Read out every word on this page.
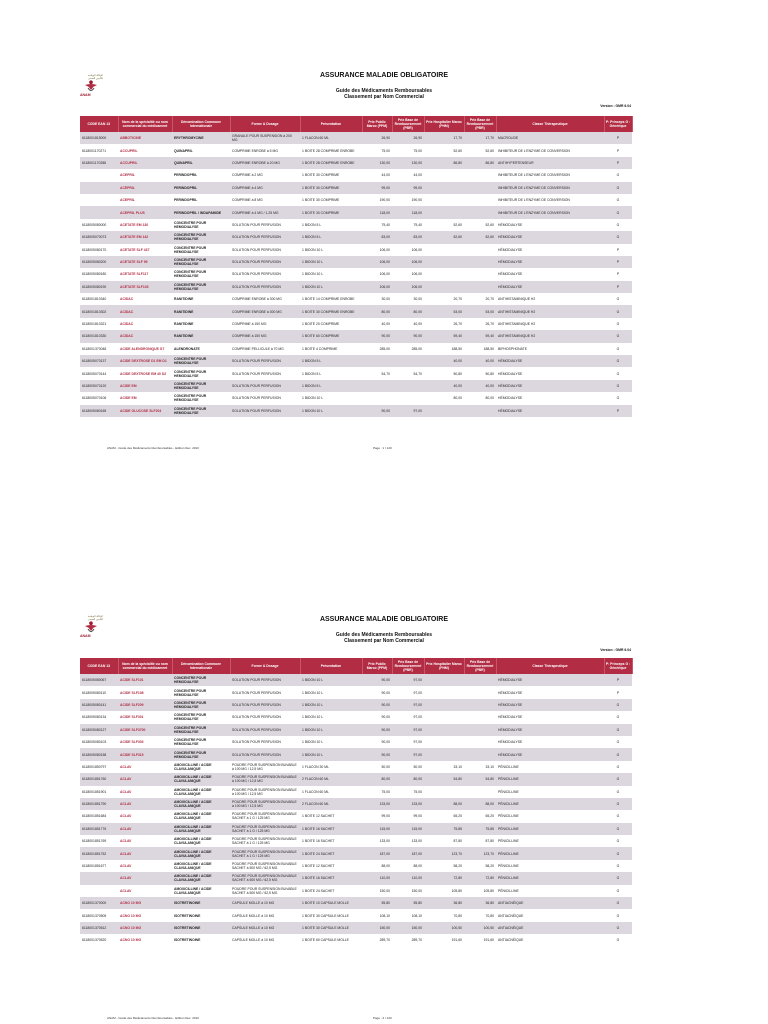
الوكالة الوطنية
للتأمين الصحي
ANAM
ASSURANCE MALADIE OBLIGATOIRE
Guide des Médicaments Remboursables
Classement par Nom Commercial
Version : GMR 6.04
CODE EAN 13	Nom de la spécialité ou nom commercial du médicament	Dénomination Commune Internationale	Forme & Dosage	Présentation	Prix Public Maroc (PPM)	Prix Base de Remboursement (PBR)	Prix Hospitalier Maroc (PHM)	Prix Base de Remboursement (PBR)	Classe Thérapeutique	P: Princeps G : Générique
6118001815000	ABBOTICINE	ERYTHROMYCINE	GRANULE POUR SUSPENSION à 200 MG	1 FLACON 60 ML	26,90	26,90	17,70	17,70	MACROLIDE	P
6118001170271	ACCUPRIL	QUINAPRIL	COMPRIME ENROBE à 5 MG	1 BOITE 28 COMPRIME ENROBE	75,00	75,00	52,60	52,60	INHIBITEUR DE L'ENZYME DE CONVERSION	P
6118001170288	ACCUPRIL	QUINAPRIL	COMPRIME ENROBE à 20 MG	1 BOITE 28 COMPRIME ENROBE	130,00	130,00	86,80	86,80	ANTIHYPERTENSEUR	P
	ACEPRIL	PERINDOPRIL	COMPRIME à 2 MG	1 BOITE 30 COMPRIME	44,00	44,00			INHIBITEUR DE L'ENZYME DE CONVERSION	G
	ACEPRIL	PERINDOPRIL	COMPRIME à 4 MG	1 BOITE 30 COMPRIME	99,00	99,00			INHIBITEUR DE L'ENZYME DE CONVERSION	G
	ACEPRIL	PERINDOPRIL	COMPRIME à 8 MG	1 BOITE 30 COMPRIME	190,00	190,00			INHIBITEUR DE L'ENZYME DE CONVERSION	G
	ACEPRIL PLUS	PERINDOPRIL / INDAPAMIDE	COMPRIME à 4 MG / 1,25 MG	1 BOITE 30 COMPRIME	118,00	118,00			INHIBITEUR DE L'ENZYME DE CONVERSION	G
6118005080000	ACETATE EM 130	CONCENTRE POUR HEMODIALYSE	SOLUTION POUR PERFUSION	1 BIDON 5 L	75,40	75,40	52,60	52,60	HÉMODIALYSE	G
6118005070073	ACETATE EM 142	CONCENTRE POUR HEMODIALYSE	SOLUTION POUR PERFUSION	1 BIDON 5 L	83,00	83,00	52,60	52,60	HÉMODIALYSE	G
6118005080170	ACETATE SLF 437	CONCENTRE POUR HEMODIALYSE	SOLUTION POUR PERFUSION	1 BIDON 10 L	106,00	106,00			HÉMODIALYSE	P
6118005080200	ACETATE SLF 99	CONCENTRE POUR HEMODIALYSE	SOLUTION POUR PERFUSION	1 BIDON 10 L	106,00	106,00			HÉMODIALYSE	P
6118005080180	ACETATE SLF117	CONCENTRE POUR HEMODIALYSE	SOLUTION POUR PERFUSION	1 BIDON 10 L	106,00	106,00			HÉMODIALYSE	P
6118005080190	ACETATE SLF103	CONCENTRE POUR HEMODIALYSE	SOLUTION POUR PERFUSION	1 BIDON 10 L	106,00	106,00			HÉMODIALYSE	P
6118001810340	ACIDAC	RANITIDINE	COMPRIME ENROBE à 300 MG	1 BOITE 14 COMPRIME ENROBE	30,00	30,00	20,70	20,70	ANTIHISTAMINIQUE H2	G
6118001810302	ACIDAC	RANITIDINE	COMPRIME ENROBE à 300 MG	1 BOITE 30 COMPRIME ENROBE	80,00	80,00	53,00	53,00	ANTIHISTAMINIQUE H2	G
6118001810321	ACIDAC	RANITIDINE	COMPRIME à 150 MG	1 BOITE 20 COMPRIME	40,00	40,00	26,70	26,70	ANTIHISTAMINIQUE H2	G
6118001810330	ACIDAC	RANITIDINE	COMPRIME à 150 MG	1 BOITE 60 COMPRIME	90,00	90,00	59,40	59,40	ANTIHISTAMINIQUE H2	G
6118001370048	ACIDE ALENDRONIQUE G7	ALENDRONATE	COMPRIME PELLICULE à 70 MG	1 BOITE 4 COMPRIME	285,00	285,00	188,50	188,50	BIPHOSPHONATE	G
6118005070137	ACIDE DEXTROSE D1 EM D1	CONCENTRE POUR HEMODIALYSE	SOLUTION POUR PERFUSION	1 BIDON 5 L			40,00	40,00	HÉMODIALYSE	G
6118005070144	ACIDE DEXTROSE EM 40 D2	CONCENTRE POUR HEMODIALYSE	SOLUTION POUR PERFUSION	1 BIDON 5 L	54,70	54,70	50,80	50,80	HÉMODIALYSE	G
6118005070120	ACIDE EM	CONCENTRE POUR HEMODIALYSE	SOLUTION POUR PERFUSION	1 BIDON 5 L			40,00	40,00	HÉMODIALYSE	G
6118005070106	ACIDE EM	CONCENTRE POUR HEMODIALYSE	SOLUTION POUR PERFUSION	1 BIDON 10 L			80,00	80,00	HÉMODIALYSE	G
6118005080165	ACIDE GLUCOSE SLF204	CONCENTRE POUR HEMODIALYSE	SOLUTION POUR PERFUSION	1 BIDON 10 L	90,00	97,00			HÉMODIALYSE	P
ANAM - Guide des Médicaments Remboursables - Edition Dec. 2010	Page : 1 / 120
الوكالة الوطنية
للتأمين الصحي
ANAM
ASSURANCE MALADIE OBLIGATOIRE
Guide des Médicaments Remboursables
Classement par Nom Commercial
Version : GMR 6.04
CODE EAN 13	Nom de la spécialité ou nom commercial du médicament	Dénomination Commune Internationale	Forme & Dosage	Présentation	Prix Public Maroc (PPM)	Prix Base de Remboursement (PBR)	Prix Hospitalier Maroc (PHM)	Prix Base de Remboursement (PBR)	Classe Thérapeutique	P: Princeps G : Générique
6118005080067	ACIDE SLF101	CONCENTRE POUR HEMODIALYSE	SOLUTION POUR PERFUSION	1 BIDON 10 L	90,00	97,00			HÉMODIALYSE	P
6118005080110	ACIDE SLF108	CONCENTRE POUR HEMODIALYSE	SOLUTION POUR PERFUSION	1 BIDON 10 L	90,00	97,00			HÉMODIALYSE	P
6118005080141	ACIDE SLF209	CONCENTRE POUR HEMODIALYSE	SOLUTION POUR PERFUSION	1 BIDON 10 L	90,00	97,00			HÉMODIALYSE	G
6118005080134	ACIDE SLF301	CONCENTRE POUR HEMODIALYSE	SOLUTION POUR PERFUSION	1 BIDON 10 L	90,00	97,00			HÉMODIALYSE	G
6118005080127	ACIDE SLF3700	CONCENTRE POUR HEMODIALYSE	SOLUTION POUR PERFUSION	1 BIDON 10 L	90,00	97,00			HÉMODIALYSE	G
6118005080103	ACIDE SLF303	CONCENTRE POUR HEMODIALYSE	SOLUTION POUR PERFUSION	1 BIDON 10 L	90,00	97,00			HÉMODIALYSE	G
6118005080158	ACIDE SLF315	CONCENTRE POUR HEMODIALYSE	SOLUTION POUR PERFUSION	1 BIDON 10 L	90,00	97,00			HÉMODIALYSE	G
6118001850797	ACLAV	AMOXICILLINE / ACIDE CLAVULANIQUE	POUDRE POUR SUSPENSION BUVABLE à 100 MG / 12,5 MG	1 FLACON 30 ML	50,00	50,00	33,10	33,10	PÉNICILLINE	G
6118001851760	ACLAV	AMOXICILLINE / ACIDE CLAVULANIQUE	POUDRE POUR SUSPENSION BUVABLE à 100 MG / 12,5 MG	2 FLACON 60 ML	80,00	80,00	54,80	54,80	PÉNICILLINE	G
6118001851901	ACLAV	AMOXICILLINE / ACIDE CLAVULANIQUE	POUDRE POUR SUSPENSION BUVABLE à 100 MG / 12,5 MG	1 FLACON 60 ML	75,00	75,00			PÉNICILLINE	G
6118001851790	ACLAV	AMOXICILLINE / ACIDE CLAVULANIQUE	POUDRE POUR SUSPENSION BUVABLE à 100 MG / 12,5 MG	2 FLACON 60 ML	133,00	133,00	88,00	88,00	PÉNICILLINE	G
6118001851684	ACLAV	AMOXICILLINE / ACIDE CLAVULANIQUE	POUDRE POUR SUSPENSION BUVABLE SACHET à 1 G / 125 MG	1 BOITE 12 SACHET	99,00	99,00	65,20	65,20	PÉNICILLINE	G
6118001851776	ACLAV	AMOXICILLINE / ACIDE CLAVULANIQUE	POUDRE POUR SUSPENSION BUVABLE SACHET à 1 G / 125 MG	1 BOITE 16 SACHET	115,00	115,00	75,85	75,85	PÉNICILLINE	G
6118001851769	ACLAV	AMOXICILLINE / ACIDE CLAVULANIQUE	POUDRE POUR SUSPENSION BUVABLE SACHET à 1 G / 125 MG	1 BOITE 16 SACHET	133,00	133,00	87,80	87,80	PÉNICILLINE	G
6118001851752	ACLAV	AMOXICILLINE / ACIDE CLAVULANIQUE	POUDRE POUR SUSPENSION BUVABLE SACHET à 1 G / 125 MG	1 BOITE 24 SACHET	187,00	187,00	123,70	123,70	PÉNICILLINE	G
6118001851677	ACLAV	AMOXICILLINE / ACIDE CLAVULANIQUE	POUDRE POUR SUSPENSION BUVABLE SACHET à 500 MG / 62,5 MG	1 BOITE 12 SACHET	88,00	88,00	58,20	58,20	PÉNICILLINE	G
	ACLAV	AMOXICILLINE / ACIDE CLAVULANIQUE	POUDRE POUR SUSPENSION BUVABLE SACHET à 500 MG / 62,5 MG	1 BOITE 16 SACHET	110,00	110,00	72,80	72,80	PÉNICILLINE	G
	ACLAV	AMOXICILLINE / ACIDE CLAVULANIQUE	POUDRE POUR SUSPENSION BUVABLE SACHET à 500 MG / 62,5 MG	1 BOITE 24 SACHET	150,00	150,00	105,80	105,80	PÉNICILLINE	G
6118001370000	ACNO 10 MG	ISOTRETINOINE	CAPSULE MOLLE à 10 MG	1 BOITE 10 CAPSULE MOLLE	55,80	55,80	36,80	36,80	ANTIACNÉIQUE	G
6118001370505	ACNO 10 MG	ISOTRETINOINE	CAPSULE MOLLE à 10 MG	1 BOITE 30 CAPSULE MOLLE	108,10	108,10	70,80	70,80	ANTIACNÉIQUE	G
6118001370512	ACNO 10 MG	ISOTRETINOINE	CAPSULE MOLLE à 10 MG	1 BOITE 30 CAPSULE MOLLE	150,00	150,00	100,50	100,50	ANTIACNÉIQUE	G
6118001370520	ACNO 10 MG	ISOTRETINOINE	CAPSULE MOLLE à 10 MG	1 BOITE 60 CAPSULE MOLLE	289,70	289,70	191,60	191,60	ANTIACNÉIQUE	G
ANAM - Guide des Médicaments Remboursables - Edition Dec. 2010	Page : 2 / 120
